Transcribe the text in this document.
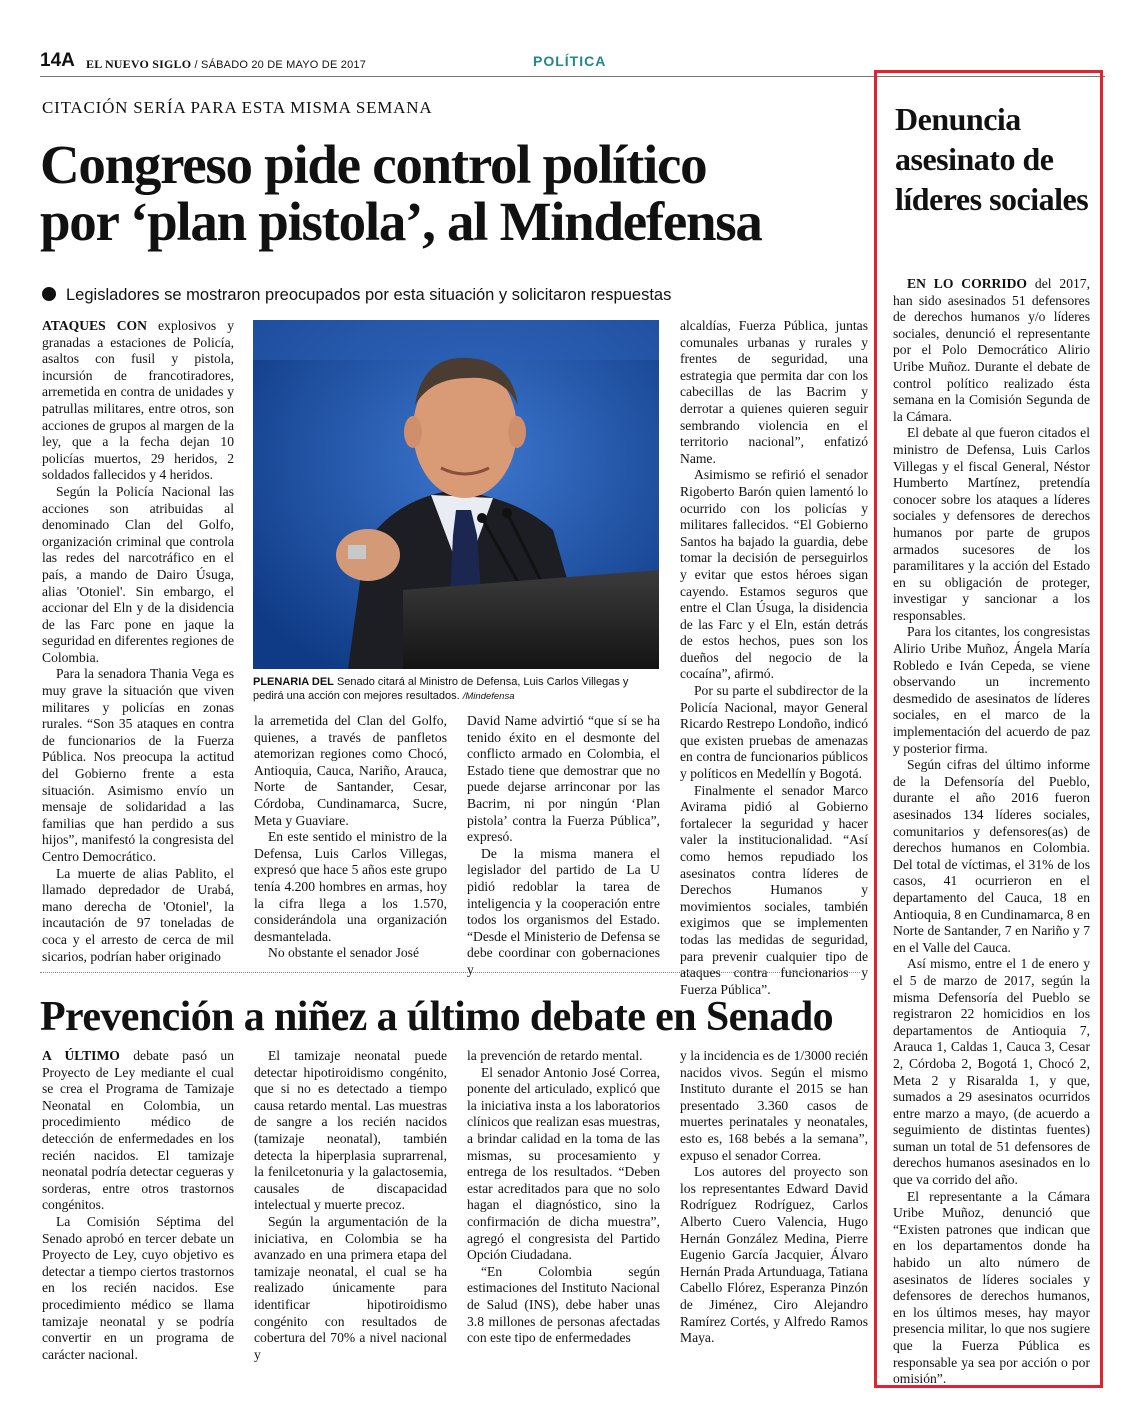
14A EL NUEVO SIGLO / SÁBADO 20 DE MAYO DE 2017	POLÍTICA
CITACIÓN SERÍA PARA ESTA MISMA SEMANA
Congreso pide control político
por ‘plan pistola’, al Mindefensa
Legisladores se mostraron preocupados por esta situación y solicitaron respuestas

ATAQUES CON explosivos y granadas a estaciones de Policía, asaltos con fusil y pistola, incursión de francotiradores, arremetida en contra de unidades y patrullas militares, entre otros, son acciones de grupos al margen de la ley, que a la fecha dejan 10 policías muertos, 29 heridos, 2 soldados fallecidos y 4 heridos.

Según la Policía Nacional las acciones son atribuidas al denominado Clan del Golfo, organización criminal que controla las redes del narcotráfico en el país, a mando de Dairo Úsuga, alias 'Otoniel'. Sin embargo, el accionar del Eln y de la disidencia de las Farc pone en jaque la seguridad en diferentes regiones de Colombia.

Para la senadora Thania Vega es muy grave la situación que viven militares y policías en zonas rurales. “Son 35 ataques en contra de funcionarios de la Fuerza Pública. Nos preocupa la actitud del Gobierno frente a esta situación. Asimismo envío un mensaje de solidaridad a las familias que han perdido a sus hijos”, manifestó la congresista del Centro Democrático.

La muerte de alias Pablito, el llamado depredador de Urabá, mano derecha de 'Otoniel', la incautación de 97 toneladas de coca y el arresto de cerca de mil sicarios, podrían haber originado

PLENARIA DEL Senado citará al Ministro de Defensa, Luis Carlos Villegas y pedirá una acción con mejores resultados. /Mindefensa

la arremetida del Clan del Golfo, quienes, a través de panfletos atemorizan regiones como Chocó, Antioquia, Cauca, Nariño, Arauca, Norte de Santander, Cesar, Córdoba, Cundinamarca, Sucre, Meta y Guaviare.

En este sentido el ministro de la Defensa, Luis Carlos Villegas, expresó que hace 5 años este grupo tenía 4.200 hombres en armas, hoy la cifra llega a los 1.570, considerándola una organización desmantelada.

No obstante el senador José

David Name advirtió “que sí se ha tenido éxito en el desmonte del conflicto armado en Colombia, el Estado tiene que demostrar que no puede dejarse arrinconar por las Bacrim, ni por ningún ‘Plan pistola’ contra la Fuerza Pública”, expresó.

De la misma manera el legislador del partido de La U pidió redoblar la tarea de inteligencia y la cooperación entre todos los organismos del Estado. “Desde el Ministerio de Defensa se debe coordinar con gobernaciones y

alcaldías, Fuerza Pública, juntas comunales urbanas y rurales y frentes de seguridad, una estrategia que permita dar con los cabecillas de las Bacrim y derrotar a quienes quieren seguir sembrando violencia en el territorio nacional”, enfatizó Name.

Asimismo se refirió el senador Rigoberto Barón quien lamentó lo ocurrido con los policías y militares fallecidos. “El Gobierno Santos ha bajado la guardia, debe tomar la decisión de perseguirlos y evitar que estos héroes sigan cayendo. Estamos seguros que entre el Clan Úsuga, la disidencia de las Farc y el Eln, están detrás de estos hechos, pues son los dueños del negocio de la cocaína”, afirmó.

Por su parte el subdirector de la Policía Nacional, mayor General Ricardo Restrepo Londoño, indicó que existen pruebas de amenazas en contra de funcionarios públicos y políticos en Medellín y Bogotá.

Finalmente el senador Marco Avirama pidió al Gobierno fortalecer la seguridad y hacer valer la institucionalidad. “Así como hemos repudiado los asesinatos contra líderes de Derechos Humanos y movimientos sociales, también exigimos que se implementen todas las medidas de seguridad, para prevenir cualquier tipo de ataques contra funcionarios y Fuerza Pública”.

Prevención a niñez a último debate en Senado

A ÚLTIMO debate pasó un Proyecto de Ley mediante el cual se crea el Programa de Tamizaje Neonatal en Colombia, un procedimiento médico de detección de enfermedades en los recién nacidos. El tamizaje neonatal podría detectar cegueras y sorderas, entre otros trastornos congénitos.

La Comisión Séptima del Senado aprobó en tercer debate un Proyecto de Ley, cuyo objetivo es detectar a tiempo ciertos trastornos en los recién nacidos. Ese procedimiento médico se llama tamizaje neonatal y se podría convertir en un programa de carácter nacional.

El tamizaje neonatal puede detectar hipotiroidismo congénito, que si no es detectado a tiempo causa retardo mental. Las muestras de sangre a los recién nacidos (tamizaje neonatal), también detecta la hiperplasia suprarrenal, la fenilcetonuria y la galactosemia, causales de discapacidad intelectual y muerte precoz.

Según la argumentación de la iniciativa, en Colombia se ha avanzado en una primera etapa del tamizaje neonatal, el cual se ha realizado únicamente para identificar hipotiroidismo congénito con resultados de cobertura del 70% a nivel nacional y

la prevención de retardo mental.

El senador Antonio José Correa, ponente del articulado, explicó que la iniciativa insta a los laboratorios clínicos que realizan esas muestras, a brindar calidad en la toma de las mismas, su procesamiento y entrega de los resultados. “Deben estar acreditados para que no solo hagan el diagnóstico, sino la confirmación de dicha muestra”, agregó el congresista del Partido Opción Ciudadana.

“En Colombia según estimaciones del Instituto Nacional de Salud (INS), debe haber unas 3.8 millones de personas afectadas con este tipo de enfermedades

y la incidencia es de 1/3000 recién nacidos vivos. Según el mismo Instituto durante el 2015 se han presentado 3.360 casos de muertes perinatales y neonatales, esto es, 168 bebés a la semana”, expuso el senador Correa.

Los autores del proyecto son los representantes Edward David Rodríguez Rodríguez, Carlos Alberto Cuero Valencia, Hugo Hernán González Medina, Pierre Eugenio García Jacquier, Álvaro Hernán Prada Artunduaga, Tatiana Cabello Flórez, Esperanza Pinzón de Jiménez, Ciro Alejandro Ramírez Cortés, y Alfredo Ramos Maya.

Denuncia asesinato de líderes sociales

EN LO CORRIDO del 2017, han sido asesinados 51 defensores de derechos humanos y/o líderes sociales, denunció el representante por el Polo Democrático Alirio Uribe Muñoz. Durante el debate de control político realizado ésta semana en la Comisión Segunda de la Cámara.

El debate al que fueron citados el ministro de Defensa, Luis Carlos Villegas y el fiscal General, Néstor Humberto Martínez, pretendía conocer sobre los ataques a líderes sociales y defensores de derechos humanos por parte de grupos armados sucesores de los paramilitares y la acción del Estado en su obligación de proteger, investigar y sancionar a los responsables.

Para los citantes, los congresistas Alirio Uribe Muñoz, Ángela María Robledo e Iván Cepeda, se viene observando un incremento desmedido de asesinatos de líderes sociales, en el marco de la implementación del acuerdo de paz y posterior firma.

Según cifras del último informe de la Defensoría del Pueblo, durante el año 2016 fueron asesinados 134 líderes sociales, comunitarios y defensores(as) de derechos humanos en Colombia. Del total de víctimas, el 31% de los casos, 41 ocurrieron en el departamento del Cauca, 18 en Antioquia, 8 en Cundinamarca, 8 en Norte de Santander, 7 en Nariño y 7 en el Valle del Cauca.

Así mismo, entre el 1 de enero y el 5 de marzo de 2017, según la misma Defensoría del Pueblo se registraron 22 homicidios en los departamentos de Antioquia 7, Arauca 1, Caldas 1, Cauca 3, Cesar 2, Córdoba 2, Bogotá 1, Chocó 2, Meta 2 y Risaralda 1, y que, sumados a 29 asesinatos ocurridos entre marzo a mayo, (de acuerdo a seguimiento de distintas fuentes) suman un total de 51 defensores de derechos humanos asesinados en lo que va corrido del año.

El representante a la Cámara Uribe Muñoz, denunció que “Existen patrones que indican que en los departamentos donde ha habido un alto número de asesinatos de líderes sociales y defensores de derechos humanos, en los últimos meses, hay mayor presencia militar, lo que nos sugiere que la Fuerza Pública es responsable ya sea por acción o por omisión”.
